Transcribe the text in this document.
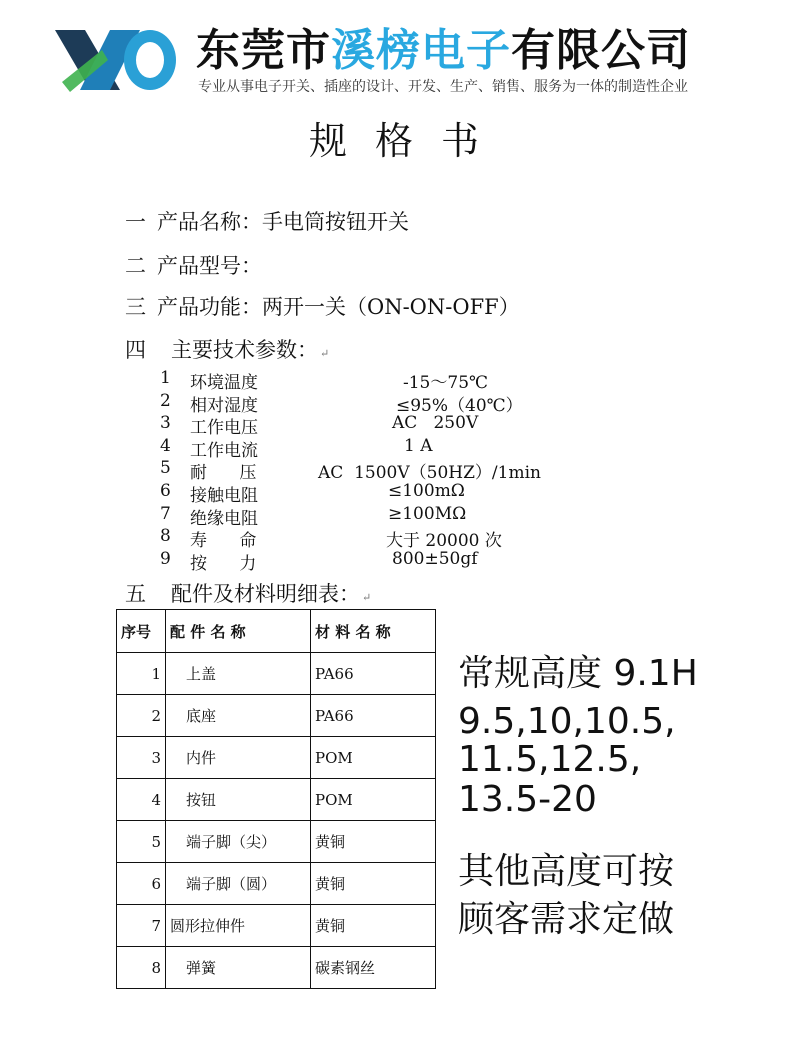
东莞市溪榜电子有限公司
专业从事电子开关、插座的设计、开发、生产、销售、服务为一体的制造性企业
规格书
一 产品名称：手电筒按钮开关
二 产品型号：
三 产品功能：两开一关（ON-ON-OFF）
四 主要技术参数： ↵
1	环境温度	-15～75℃
2	相对湿度	≤95%（40℃）
3	工作电压	AC   250V
4	工作电流	1 A
5	耐      压	AC  1500V（50HZ）/1min
6	接触电阻	≤100mΩ
7	绝缘电阻	≥100MΩ
8	寿      命	大于 20000 次
9	按      力	800±50gf
五 配件及材料明细表： ↵
序号	配 件 名 称	材 料 名 称
1	上盖	PA66
2	底座	PA66
3	内件	POM
4	按钮	POM
5	端子脚（尖）	黄铜
6	端子脚（圆）	黄铜
7	圆形拉伸件	黄铜
8	弹簧	碳素钢丝
常规高度 9.1H
9.5,10,10.5,
11.5,12.5,
13.5-20
其他高度可按
顾客需求定做
